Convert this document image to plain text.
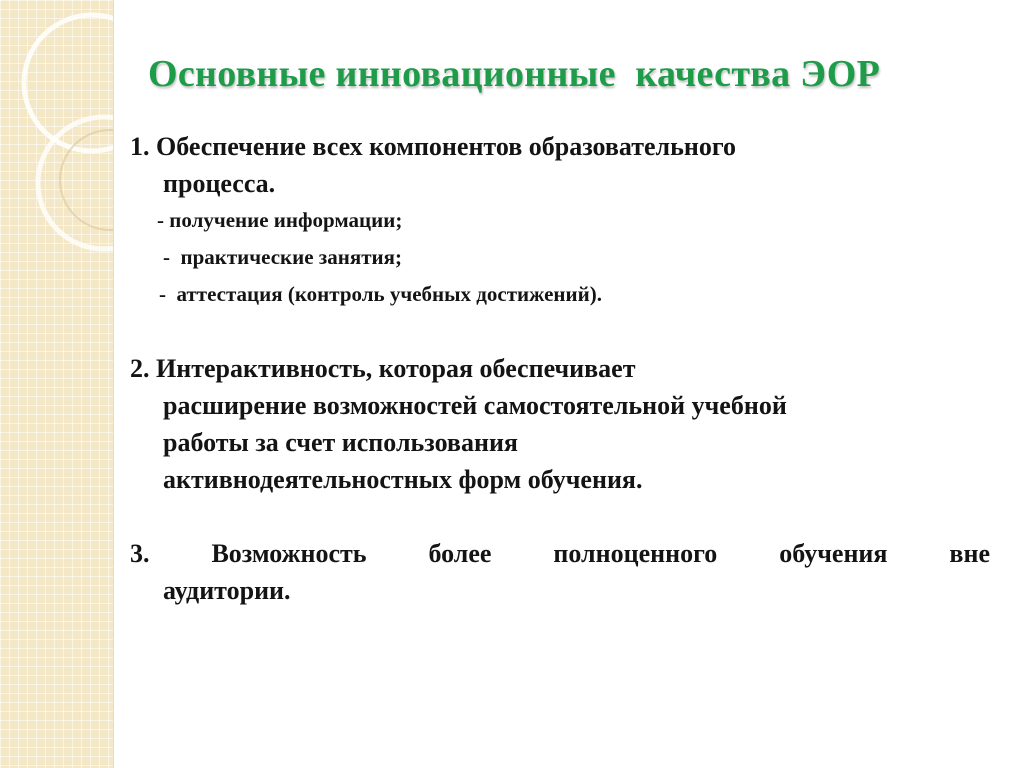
Основные инновационные  качества ЭОР
1. Обеспечение всех компонентов образовательного
процесса.
- получение информации;
-  практические занятия;
-  аттестация (контроль учебных достижений).
2. Интерактивность, которая обеспечивает
расширение возможностей самостоятельной учебной
работы за счет использования
активнодеятельностных форм обучения.
3. Возможность более полноценного обучения вне
аудитории.
